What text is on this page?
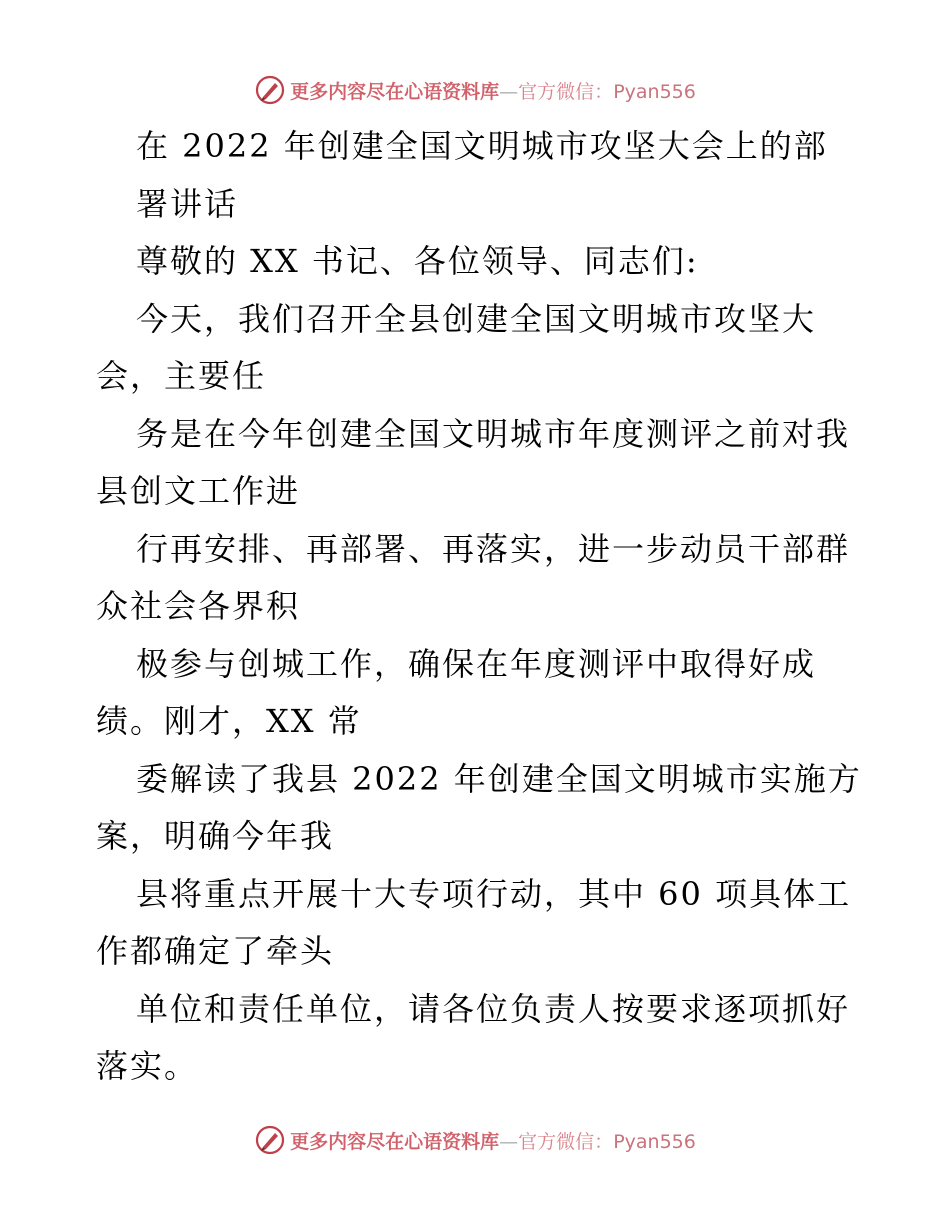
更多内容尽在心语资料库—官方微信：Pyan556
在 2022 年创建全国文明城市攻坚大会上的部
署讲话
尊敬的 XX 书记、各位领导、同志们:
今天，我们召开全县创建全国文明城市攻坚大
会，主要任
务是在今年创建全国文明城市年度测评之前对我
县创文工作进
行再安排、再部署、再落实，进一步动员干部群
众社会各界积
极参与创城工作，确保在年度测评中取得好成
绩。刚才，XX 常
委解读了我县 2022 年创建全国文明城市实施方
案，明确今年我
县将重点开展十大专项行动，其中 60 项具体工
作都确定了牵头
单位和责任单位，请各位负责人按要求逐项抓好
落实。
更多内容尽在心语资料库—官方微信：Pyan556
